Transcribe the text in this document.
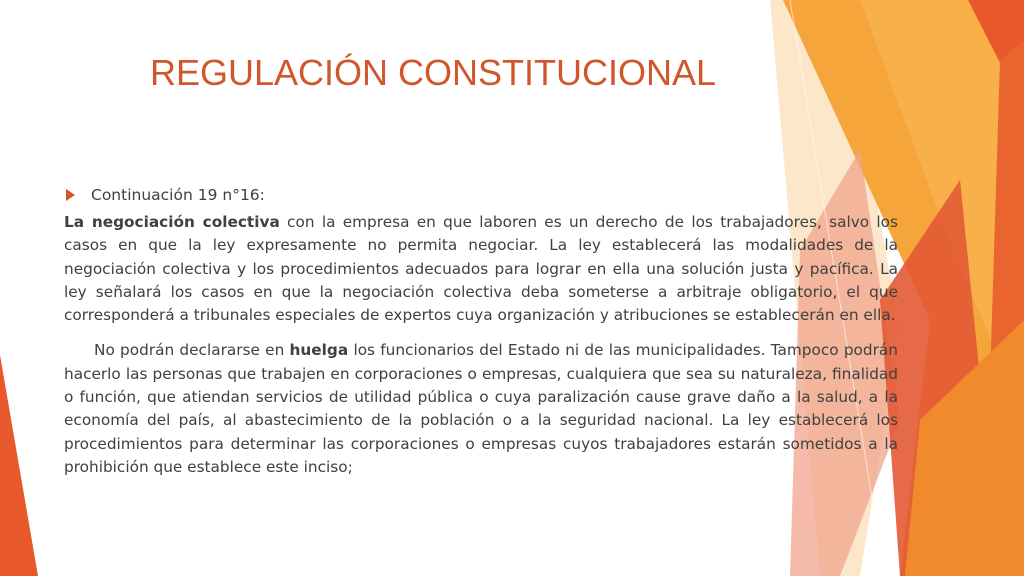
REGULACIÓN CONSTITUCIONAL
Continuación 19 n°16:

La negociación colectiva con la empresa en que laboren es un derecho de los trabajadores, salvo los casos en que la ley expresamente no permita negociar. La ley establecerá las modalidades de la negociación colectiva y los procedimientos adecuados para lograr en ella una solución justa y pacífica. La ley señalará los casos en que la negociación colectiva deba someterse a arbitraje obligatorio, el que corresponderá a tribunales especiales de expertos cuya organización y atribuciones se establecerán en ella.

No podrán declararse en huelga los funcionarios del Estado ni de las municipalidades. Tampoco podrán hacerlo las personas que trabajen en corporaciones o empresas, cualquiera que sea su naturaleza, finalidad o función, que atiendan servicios de utilidad pública o cuya paralización cause grave daño a la salud, a la economía del país, al abastecimiento de la población o a la seguridad nacional. La ley establecerá los procedimientos para determinar las corporaciones o empresas cuyos trabajadores estarán sometidos a la prohibición que establece este inciso;
